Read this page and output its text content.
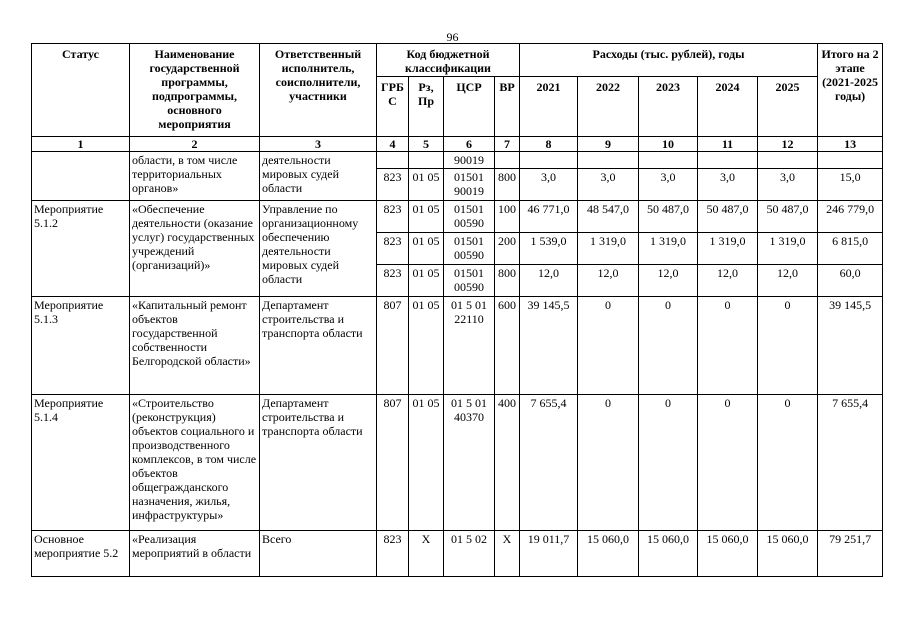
96
Статус	Наименование государственной программы, подпрограммы, основного мероприятия	Ответственный исполнитель, соисполнители, участники	Код бюджетной классификации				Расходы (тыс. рублей), годы					Итого на 2 этапе (2021-2025 годы)
			ГРБ С	Рз, Пр	ЦСР	ВР	2021	2022	2023	2024	2025	
1	2	3	4	5	6	7	8	9	10	11	12	13
	области, в том числе территориальных органов»	деятельности мировых судей области			90019							
			823	01 05	01501 90019	800	3,0	3,0	3,0	3,0	3,0	15,0
Мероприятие 5.1.2	«Обеспечение деятельности (оказание услуг) государственных учреждений (организаций)»	Управление по организационному обеспечению деятельности мировых судей области	823	01 05	01501 00590	100	46 771,0	48 547,0	50 487,0	50 487,0	50 487,0	246 779,0
			823	01 05	01501 00590	200	1 539,0	1 319,0	1 319,0	1 319,0	1 319,0	6 815,0
			823	01 05	01501 00590	800	12,0	12,0	12,0	12,0	12,0	60,0
Мероприятие 5.1.3	«Капитальный ремонт объектов государственной собственности Белгородской области»	Департамент строительства и транспорта области	807	01 05	01 5 01 22110	600	39 145,5	0	0	0	0	39 145,5
Мероприятие 5.1.4	«Строительство (реконструкция) объектов социального и производственного комплексов, в том числе объектов общегражданского назначения, жилья, инфраструктуры»	Департамент строительства и транспорта области	807	01 05	01 5 01 40370	400	7 655,4	0	0	0	0	7 655,4
Основное мероприятие 5.2	«Реализация мероприятий в области	Всего	823	Х	01 5 02	Х	19 011,7	15 060,0	15 060,0	15 060,0	15 060,0	79 251,7
